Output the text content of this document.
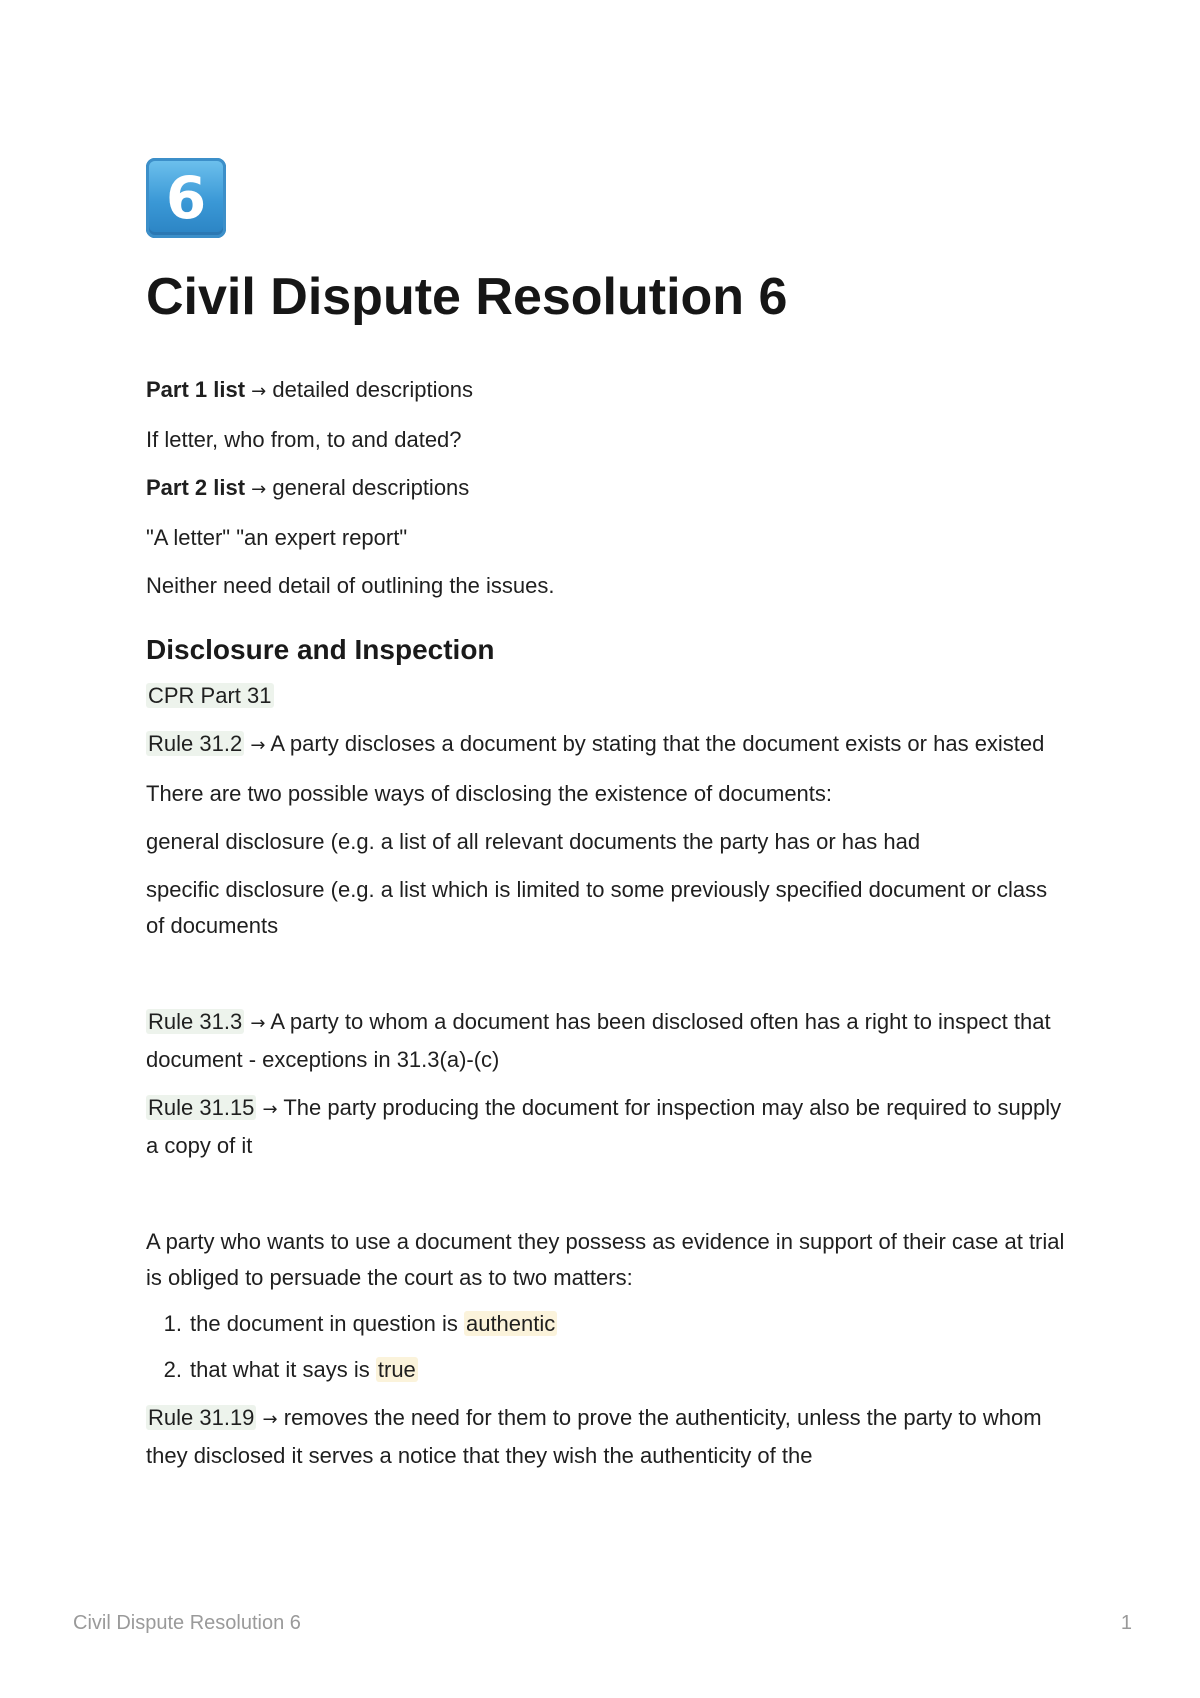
6
Civil Dispute Resolution 6

Part 1 list → detailed descriptions

If letter, who from, to and dated?

Part 2 list → general descriptions

"A letter" "an expert report"

Neither need detail of outlining the issues.

Disclosure and Inspection

CPR Part 31

Rule 31.2 → A party discloses a document by stating that the document exists or has existed

There are two possible ways of disclosing the existence of documents:

general disclosure (e.g. a list of all relevant documents the party has or has had

specific disclosure (e.g. a list which is limited to some previously specified document or class of documents

Rule 31.3 → A party to whom a document has been disclosed often has a right to inspect that document - exceptions in 31.3(a)-(c)

Rule 31.15 → The party producing the document for inspection may also be required to supply a copy of it

A party who wants to use a document they possess as evidence in support of their case at trial is obliged to persuade the court as to two matters:

1. the document in question is authentic
2. that what it says is true

Rule 31.19 → removes the need for them to prove the authenticity, unless the party to whom they disclosed it serves a notice that they wish the authenticity of the

Civil Dispute Resolution 6	1
